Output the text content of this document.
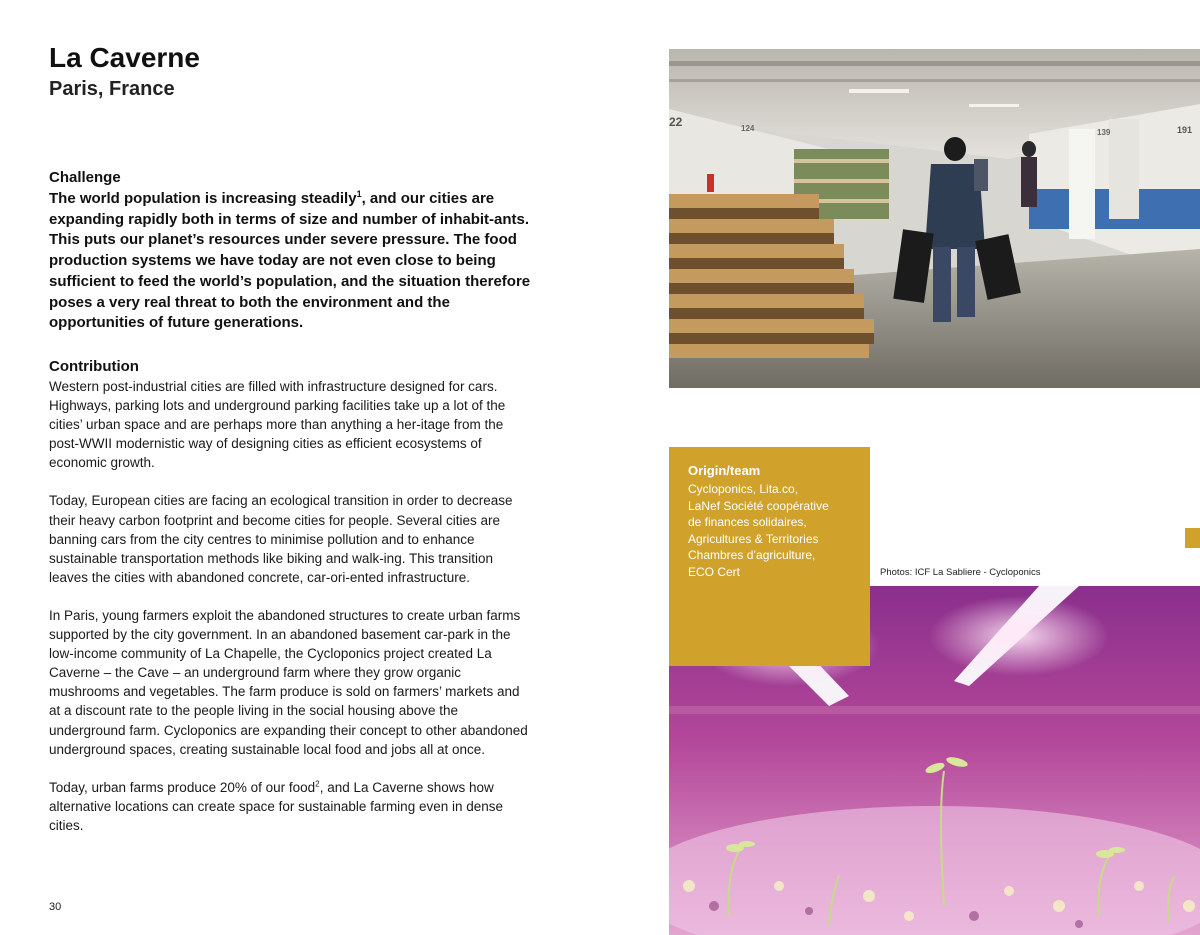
La Caverne
Paris, France
Challenge

The world population is increasing steadily$^1$, and our cities are expanding rapidly both in terms of size and number of inhabit-ants. This puts our planet’s resources under severe pressure. The food production systems we have today are not even close to being sufficient to feed the world’s population, and the situation therefore poses a very real threat to both the environment and the opportunities of future generations.

Contribution

Western post-industrial cities are filled with infrastructure designed for cars. Highways, parking lots and underground parking facilities take up a lot of the cities’ urban space and are perhaps more than anything a her-itage from the post-WWII modernistic way of designing cities as efficient ecosystems of economic growth.

Today, European cities are facing an ecological transition in order to decrease their heavy carbon footprint and become cities for people. Several cities are banning cars from the city centres to minimise pollution and to enhance sustainable transportation methods like biking and walk-ing. This transition leaves the cities with abandoned concrete, car-ori-ented infrastructure.

In Paris, young farmers exploit the abandoned structures to create urban farms supported by the city government. In an abandoned basement car-park in the low-income community of La Chapelle, the Cycloponics project created La Caverne – the Cave – an underground farm where they grow organic mushrooms and vegetables. The farm produce is sold on farmers’ markets and at a discount rate to the people living in the social housing above the underground farm. Cycloponics are expanding their concept to other abandoned underground spaces, creating sustainable local food and jobs all at once.

Today, urban farms produce 20% of our food$^2$, and La Caverne shows how alternative locations can create space for sustainable farming even in dense cities.

30
22	124	139	191
Origin/team
Cycloponics, Lita.co,
LaNef Société coopérative
de finances solidaires,
Agricultures & Territories
Chambres d’agriculture,
ECO Cert	Photos: ICF La Sabliere - Cycloponics
